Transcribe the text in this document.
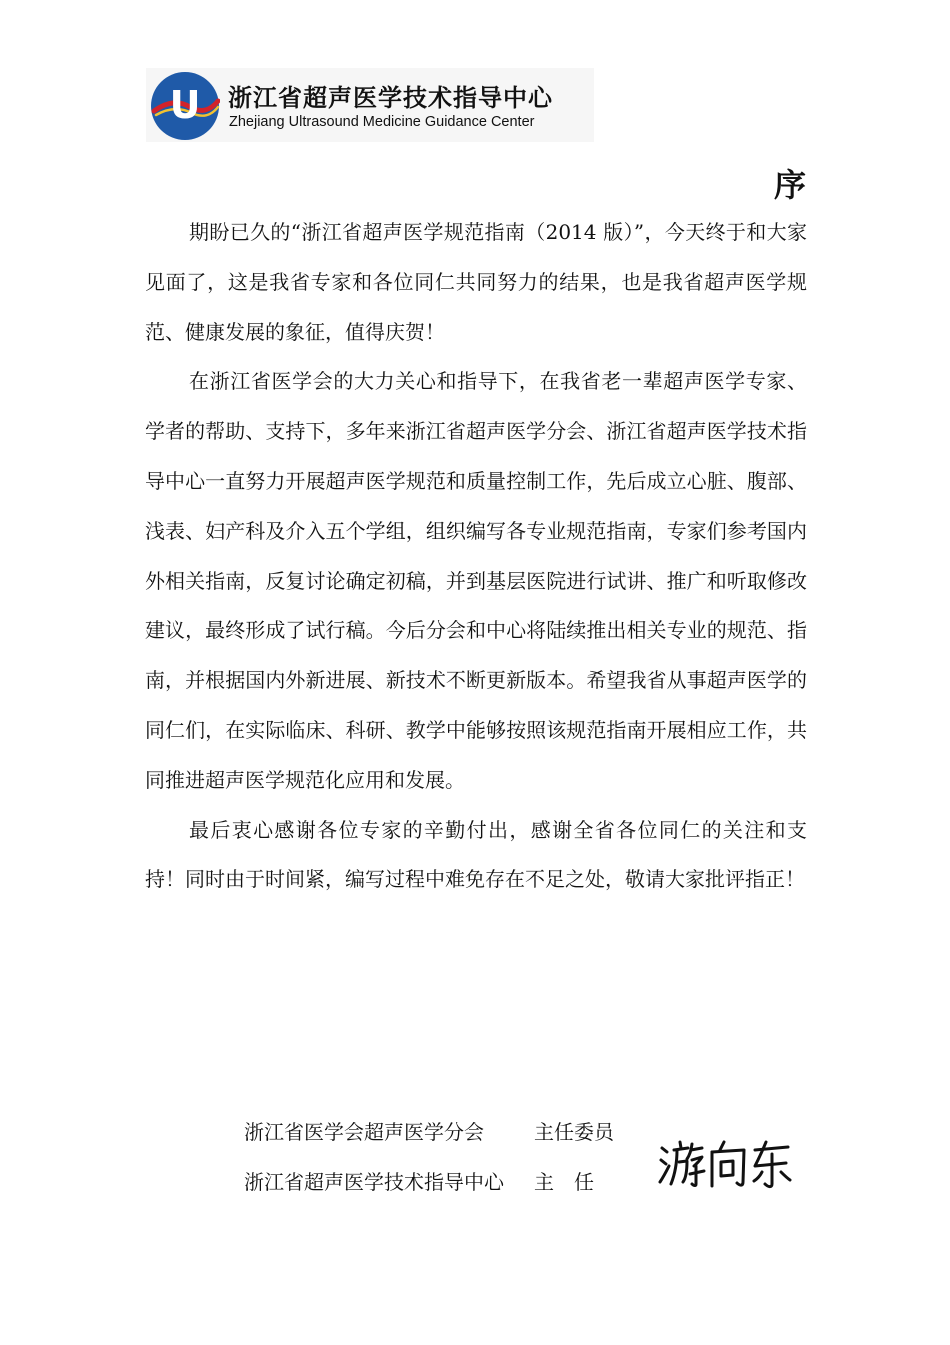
U 浙江省超声医学技术指导中心
Zhejiang Ultrasound Medicine Guidance Center
序

期盼已久的“浙江省超声医学规范指南（2014 版）”，今天终于和大家见面了，这是我省专家和各位同仁共同努力的结果，也是我省超声医学规范、健康发展的象征，值得庆贺！

在浙江省医学会的大力关心和指导下，在我省老一辈超声医学专家、学者的帮助、支持下，多年来浙江省超声医学分会、浙江省超声医学技术指导中心一直努力开展超声医学规范和质量控制工作，先后成立心脏、腹部、浅表、妇产科及介入五个学组，组织编写各专业规范指南，专家们参考国内外相关指南，反复讨论确定初稿，并到基层医院进行试讲、推广和听取修改建议，最终形成了试行稿。今后分会和中心将陆续推出相关专业的规范、指南，并根据国内外新进展、新技术不断更新版本。希望我省从事超声医学的同仁们，在实际临床、科研、教学中能够按照该规范指南开展相应工作，共同推进超声医学规范化应用和发展。

最后衷心感谢各位专家的辛勤付出，感谢全省各位同仁的关注和支持！同时由于时间紧，编写过程中难免存在不足之处，敬请大家批评指正！

浙江省医学会超声医学分会	主任委员
浙江省超声医学技术指导中心 主　任
